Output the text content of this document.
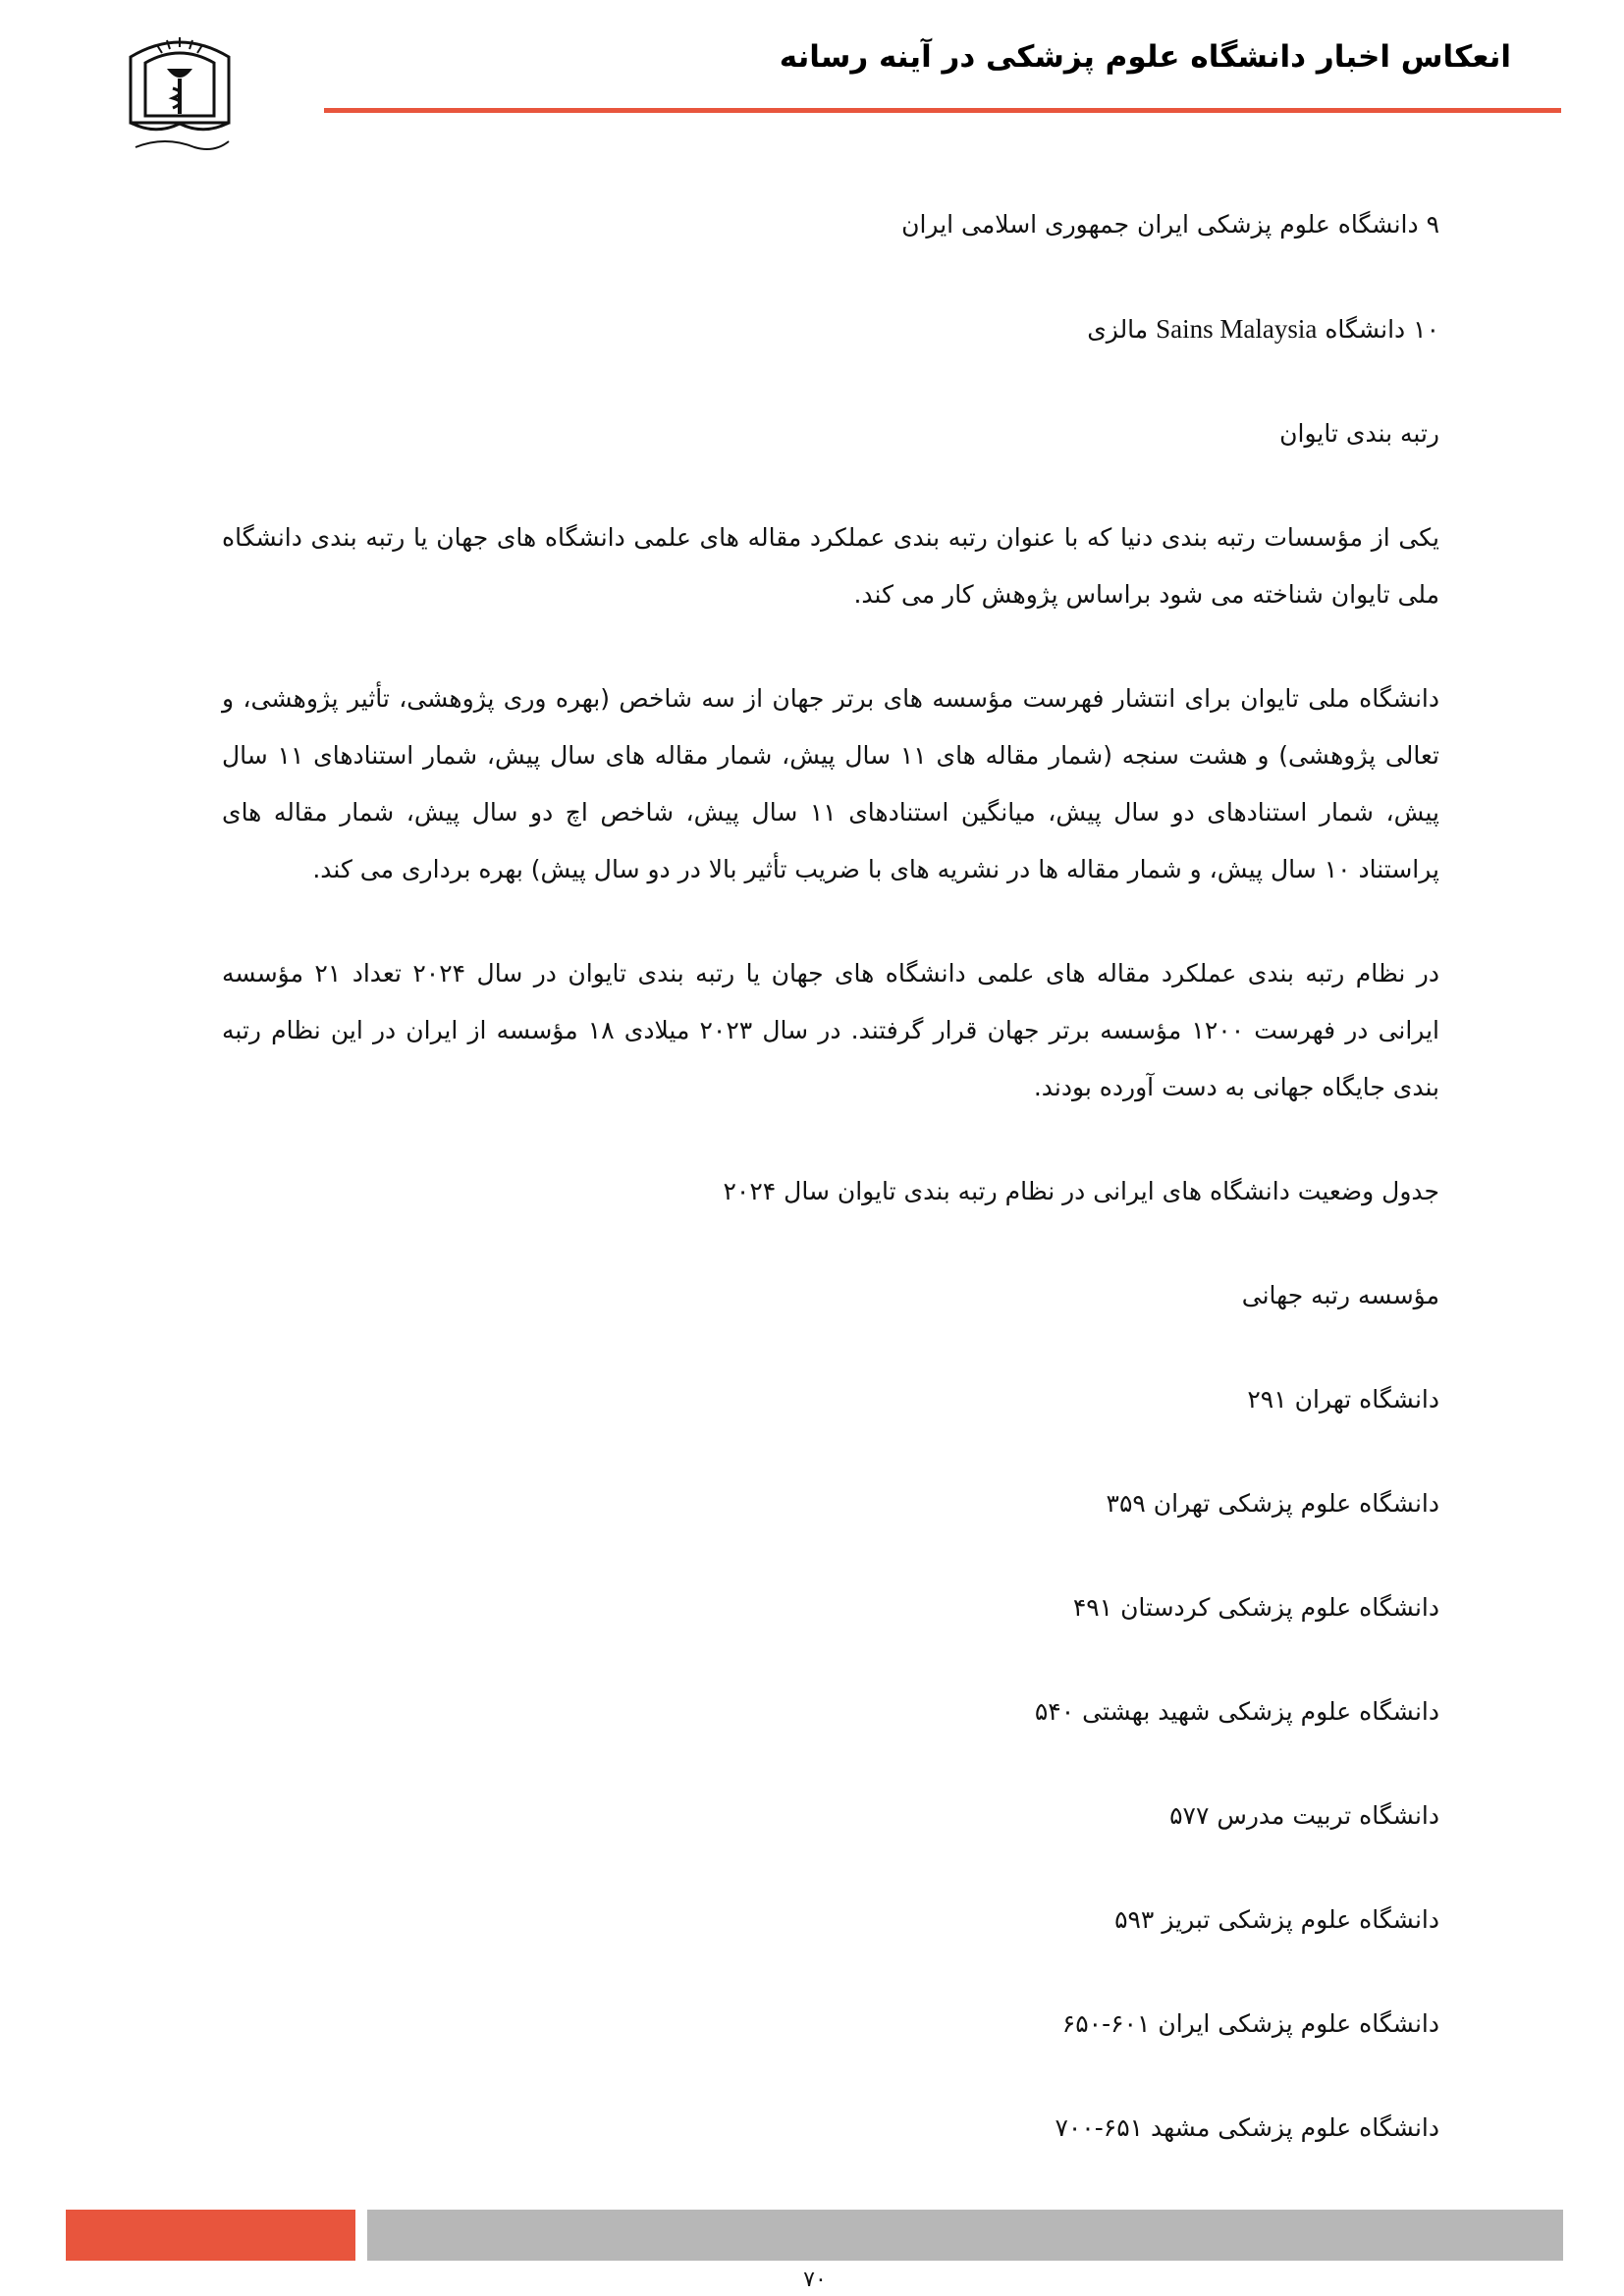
انعکاس اخبار دانشگاه علوم پزشکی در آینه رسانه

۹ دانشگاه علوم پزشکی ایران جمهوری اسلامی ایران

۱۰ دانشگاه Sains Malaysia مالزی

رتبه بندی تایوان

یکی از مؤسسات رتبه بندی دنیا که با عنوان رتبه بندی عملکرد مقاله های علمی دانشگاه های جهان یا رتبه بندی دانشگاه ملی تایوان شناخته می شود براساس پژوهش کار می کند.

دانشگاه ملی تایوان برای انتشار فهرست مؤسسه های برتر جهان از سه شاخص (بهره وری پژوهشی، تأثیر پژوهشی، و تعالی پژوهشی) و هشت سنجه (شمار مقاله های ۱۱ سال پیش، شمار مقاله های سال پیش، شمار استنادهای ۱۱ سال پیش، شمار استنادهای دو سال پیش، میانگین استنادهای ۱۱ سال پیش، شاخص اچ دو سال پیش، شمار مقاله های پراستناد ۱۰ سال پیش، و شمار مقاله ها در نشریه های با ضریب تأثیر بالا در دو سال پیش) بهره برداری می کند.

در نظام رتبه بندی عملکرد مقاله های علمی دانشگاه های جهان یا رتبه بندی تایوان در سال ۲۰۲۴ تعداد ۲۱ مؤسسه ایرانی در فهرست ۱۲۰۰ مؤسسه برتر جهان قرار گرفتند. در سال ۲۰۲۳ میلادی ۱۸ مؤسسه از ایران در این نظام رتبه بندی جایگاه جهانی به دست آورده بودند.

جدول وضعیت دانشگاه های ایرانی در نظام رتبه بندی تایوان سال ۲۰۲۴

مؤسسه رتبه جهانی

دانشگاه تهران ۲۹۱

دانشگاه علوم پزشکی تهران ۳۵۹

دانشگاه علوم پزشکی کردستان ۴۹۱

دانشگاه علوم پزشکی شهید بهشتی ۵۴۰

دانشگاه تربیت مدرس ۵۷۷

دانشگاه علوم پزشکی تبریز ۵۹۳

دانشگاه علوم پزشکی ایران ۶۰۱-۶۵۰

دانشگاه علوم پزشکی مشهد ۶۵۱-۷۰۰

۷۰
